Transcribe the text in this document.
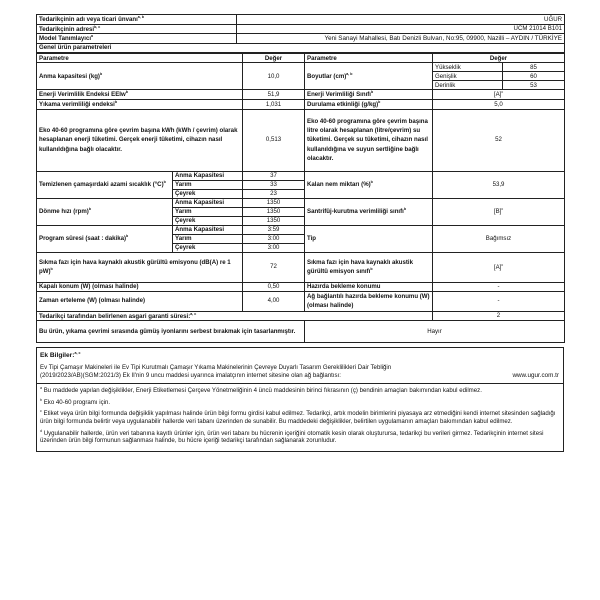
Tedarikçinin adı veya ticari ünvanı$^{a, b}$	UĞUR
Tedarikçinin adresi$^{b, c}$	UCM 21014 B101
Model Tanımlayıcı$^a$	Yeni Sanayi Mahallesi, Batı Denizli Bulvarı, No:95, 09900, Nazilli – AYDIN / TÜRKİYE
Genel ürün parametreleri	
Parametre		Değer	Parametre	Değer	
Anma kapasitesi (kg)$^b$		10,0	Boyutlar (cm)$^{a, b}$	Yükseklik	85
				Genişlik	60
				Derinlik	53
Enerji Verimlilik Endeksi EEIw$^b$		51,9	Enerji Verimliliği Sınıfı$^b$	$[A]^c$
Yıkama verimliliği endeksi$^b$		1,031	Durulama etkinliği $(g/kg)^b$	5,0	
Eko 40-60 programına göre çevrim başına kWh (kWh / çevrim) olarak hesaplanan enerji tüketimi. Gerçek enerji tüketimi, cihazın nasıl kullanıldığına bağlı olacaktır.		0,513	Eko 40-60 programına göre çevrim başına litre olarak hesaplanan (litre/çevrim) su tüketimi. Gerçek su tüketimi, cihazın nasıl kullanıldığına ve suyun sertliğine bağlı olacaktır.	52	
Temizlenen çamaşırdaki azami sıcaklık $(^\circ C)^b$	Anma Kapasitesi	37	Kalan nem miktarı (%)$^b$	53,9	
	Yarım	33			
	Çeyrek	23			
Dönme hızı (rpm)$^b$	Anma Kapasitesi	1350	Santrifüj-kurutma verimliliği sınıfı$^b$	$[B]^c$
	Yarım	1350			
	Çeyrek	1350			
Program süresi (saat : dakika)$^b$	Anma Kapasitesi	3:59	Tip	Bağımsız	
	Yarım	3:00			
	Çeyrek	3:00			
Sıkma fazı için hava kaynaklı akustik gürültü emisyonu (dB(A) re 1 pW)$^b$		72	Sıkma fazı için hava kaynaklı akustik gürültü emisyon sınıfı$^b$	$[A]^c$
Kapalı konum (W) (olması halinde)		0,50	Hazırda bekleme konumu	-	
Zaman erteleme (W) (olması halinde)		4,00	Ağ bağlantılı hazırda bekleme konumu (W) (olması halinde)	-	
Tedarikçi tarafından belirlenen asgari garanti süresi:$^{a, c}$				2	
Bu ürün, yıkama çevrimi sırasında gümüş iyonlarını serbest bırakmak için tasarlanmıştır.			Hayır		
Ek Bilgiler:$^{a, c}$
Ev Tipi Çamaşır Makineleri ile Ev Tipi Kurutmalı Çamaşır Yıkama Makinelerinin Çevreye Duyarlı Tasarım Gereklilikleri Dair Tebliğin
(2019/2023/AB)(SGM:2021/3) Ek II'nin 9 uncu maddesi uyarınca imalatçının internet sitesine olan ağ bağlantısı:	www.ugur.com.tr
$^a$ Bu maddede yapılan değişiklikler, Enerji Etiketlemesi Çerçeve Yönetmeliğinin 4 üncü maddesinin birinci fıkrasının (ç) bendinin amaçları bakımından kabul edilmez.
$^b$ Eko 40-60 programı için.
$^c$ Etiket veya ürün bilgi formunda değişiklik yapılması halinde ürün bilgi formu girdisi kabul edilmez. Tedarikçi, artık modelin birimlerini piyasaya arz etmediğini kendi internet sitesinden sağladığı ürün bilgi formunda belirtir veya uygulanabilir hallerde veri tabanı üzerinden de sunabilir. Bu maddedeki değişiklikler, belirtilen uygulamanın amaçları bakımından kabul edilmez.
$^d$ Uygulanabilir hallerde, ürün veri tabanına kayıtlı ürünler için, ürün veri tabanı bu hücrenin içeriğini otomatik kesin olarak oluşturursa, tedarikçi bu verileri girmez. Tedarikçinin internet sitesi üzerinden ürün bilgi formunun sağlanması halinde, bu hücre içeriği tedarikçi tarafından sağlanarak zorunludur.
